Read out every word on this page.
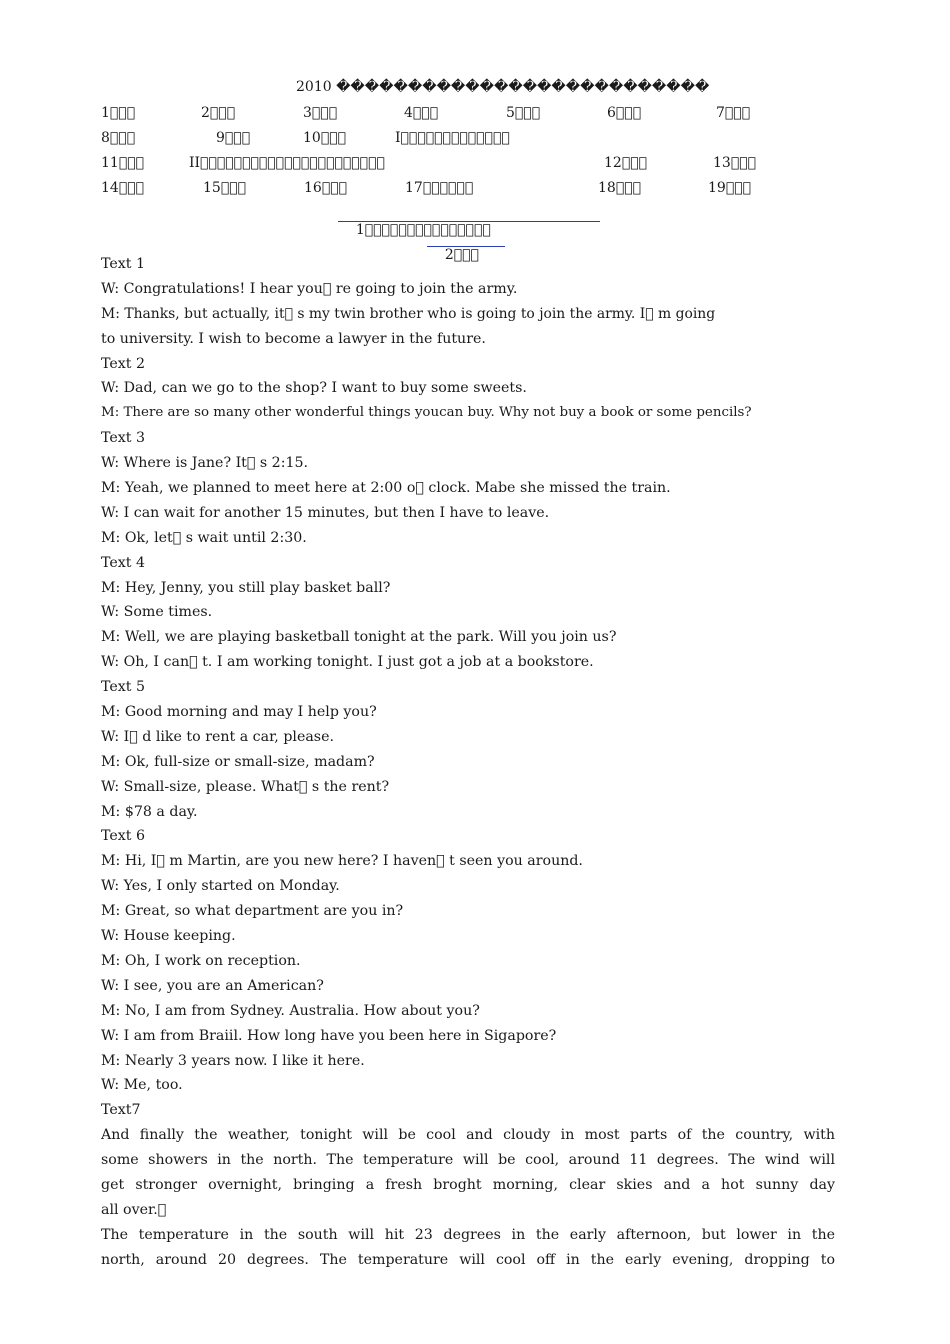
2010 ��������������������������
1   	2   	3   	4   	5   	6   	7   
8   	9   	10   	I             
11   	II                      	12   	13   
14   	15   	16   	17      	18   	19   

1               

2   

Text 1
W: Congratulations! I hear you  re going to join the army.
M: Thanks, but actually, it  s my twin brother who is going to join the army. I  m going
to university. I wish to become a lawyer in the future.
Text 2
W: Dad, can we go to the shop? I want to buy some sweets.
M: There are so many other wonderful things youcan buy. Why not buy a book or some pencils?
Text 3
W: Where is Jane? It  s 2:15.
M: Yeah, we planned to meet here at 2:00 o  clock. Mabe she missed the train.
W: I can wait for another 15 minutes, but then I have to leave.
M: Ok, let  s wait until 2:30.
Text 4
M: Hey, Jenny, you still play basket ball?
W: Some times.
M: Well, we are playing basketball tonight at the park. Will you join us?
W: Oh, I can  t. I am working tonight. I just got a job at a bookstore.
Text 5
M: Good morning and may I help you?
W: I  d like to rent a car, please.
M: Ok, full-size or small-size, madam?
W: Small-size, please. What  s the rent?
M: $78 a day.
Text 6
M: Hi, I  m Martin, are you new here? I haven  t seen you around.
W: Yes, I only started on Monday.
M: Great, so what department are you in?
W: House keeping.
M: Oh, I work on reception.
W: I see, you are an American?
M: No, I am from Sydney. Australia. How about you?
W: I am from Braiil. How long have you been here in Sigapore?
M: Nearly 3 years now. I like it here.
W: Me, too.
Text7
And finally the weather, tonight will be cool and cloudy in most parts of the country, with
some showers in the north. The temperature will be cool, around 11 degrees. The wind will
get stronger overnight, bringing a fresh broght morning, clear skies and a hot sunny day
all over. 
The temperature in the south will hit 23 degrees in the early afternoon, but lower in the
north, around 20 degrees. The temperature will cool off in the early evening, dropping to
